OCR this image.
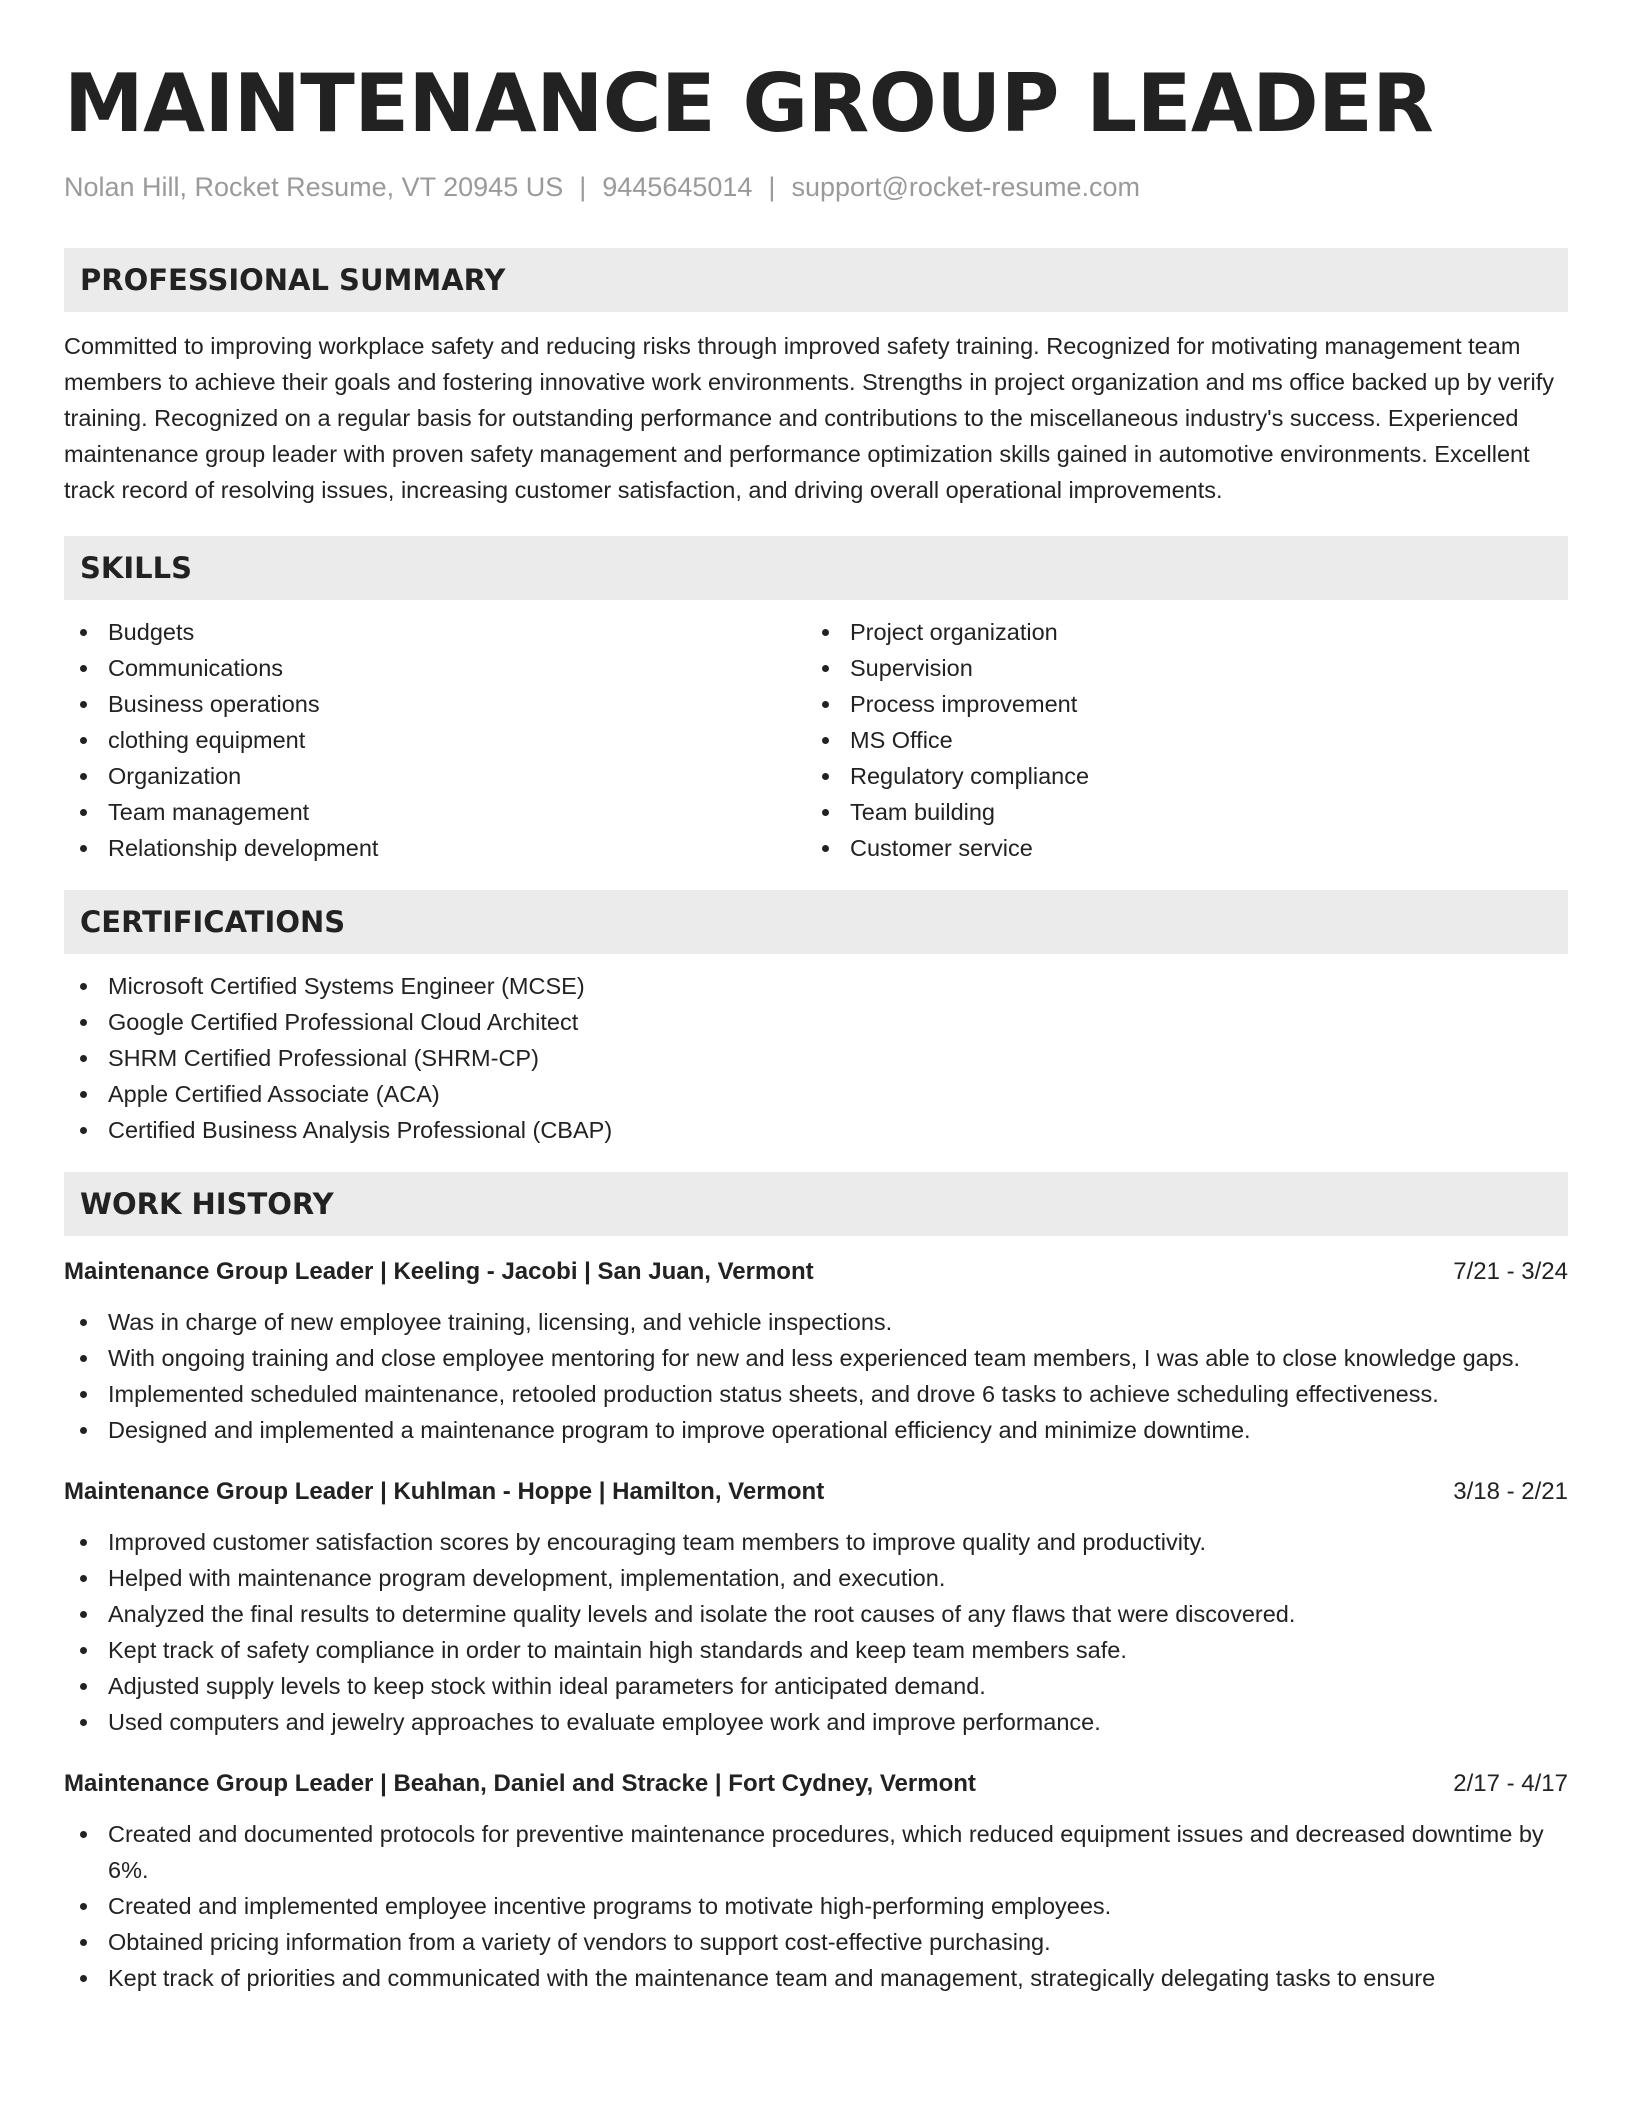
MAINTENANCE GROUP LEADER
Nolan Hill, Rocket Resume, VT 20945 US | 9445645014 | support@rocket-resume.com
PROFESSIONAL SUMMARY

Committed to improving workplace safety and reducing risks through improved safety training. Recognized for motivating management team members to achieve their goals and fostering innovative work environments. Strengths in project organization and ms office backed up by verify training. Recognized on a regular basis for outstanding performance and contributions to the miscellaneous industry's success. Experienced maintenance group leader with proven safety management and performance optimization skills gained in automotive environments. Excellent track record of resolving issues, increasing customer satisfaction, and driving overall operational improvements.

SKILLS
Budgets
Communications
Business operations
clothing equipment
Organization
Team management
Relationship development
Project organization
Supervision
Process improvement
MS Office
Regulatory compliance
Team building
Customer service
CERTIFICATIONS
Microsoft Certified Systems Engineer (MCSE)
Google Certified Professional Cloud Architect
SHRM Certified Professional (SHRM-CP)
Apple Certified Associate (ACA)
Certified Business Analysis Professional (CBAP)
WORK HISTORY
Maintenance Group Leader | Keeling - Jacobi | San Juan, Vermont	7/21 - 3/24
Was in charge of new employee training, licensing, and vehicle inspections.
With ongoing training and close employee mentoring for new and less experienced team members, I was able to close knowledge gaps.
Implemented scheduled maintenance, retooled production status sheets, and drove 6 tasks to achieve scheduling effectiveness.
Designed and implemented a maintenance program to improve operational efficiency and minimize downtime.
Maintenance Group Leader | Kuhlman - Hoppe | Hamilton, Vermont	3/18 - 2/21
Improved customer satisfaction scores by encouraging team members to improve quality and productivity.
Helped with maintenance program development, implementation, and execution.
Analyzed the final results to determine quality levels and isolate the root causes of any flaws that were discovered.
Kept track of safety compliance in order to maintain high standards and keep team members safe.
Adjusted supply levels to keep stock within ideal parameters for anticipated demand.
Used computers and jewelry approaches to evaluate employee work and improve performance.
Maintenance Group Leader | Beahan, Daniel and Stracke | Fort Cydney, Vermont	2/17 - 4/17
Created and documented protocols for preventive maintenance procedures, which reduced equipment issues and decreased downtime by 6%.
Created and implemented employee incentive programs to motivate high-performing employees.
Obtained pricing information from a variety of vendors to support cost-effective purchasing.
Kept track of priorities and communicated with the maintenance team and management, strategically delegating tasks to ensure
